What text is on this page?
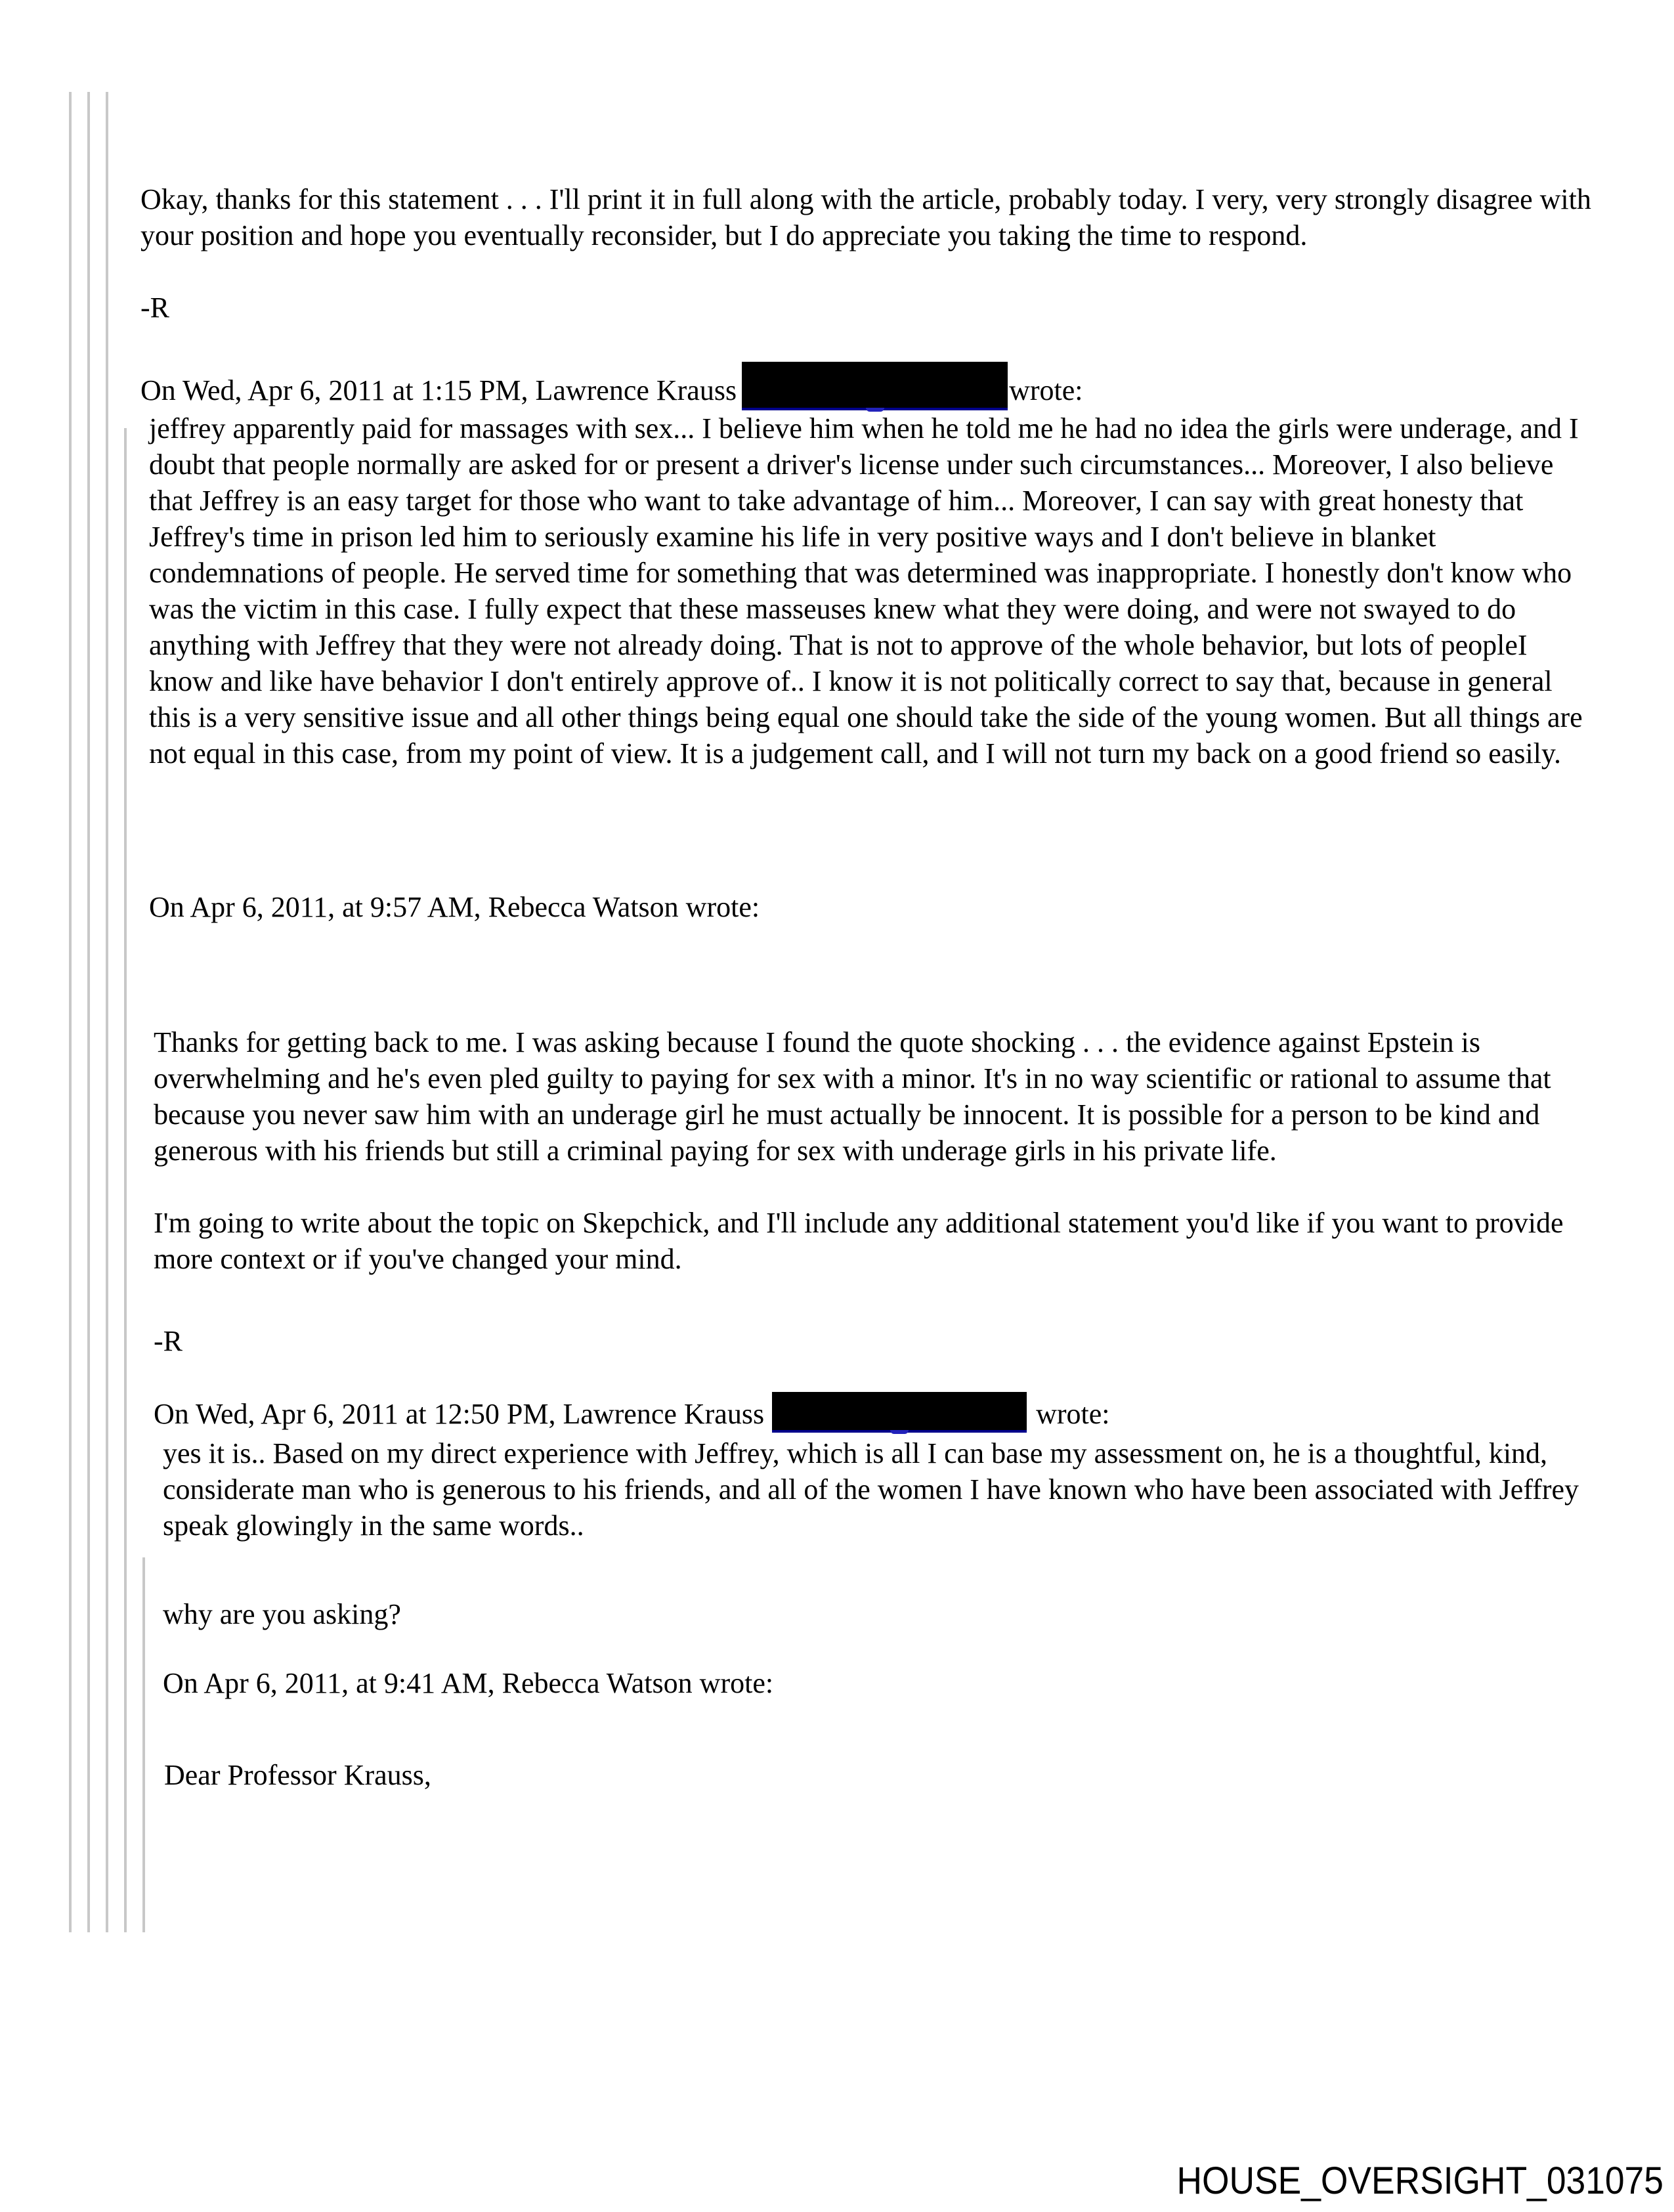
Okay, thanks for this statement . . . I'll print it in full along with the article, probably today. I very, very strongly disagree with your position and hope you eventually reconsider, but I do appreciate you taking the time to respond.
-R
On Wed, Apr 6, 2011 at 1:15 PM, Lawrence Krauss	wrote:
jeffrey apparently paid for massages with sex... I believe him when he told me he had no idea the girls were underage, and I doubt that people normally are asked for or present a driver's license under such circumstances... Moreover, I also believe that Jeffrey is an easy target for those who want to take advantage of him... Moreover, I can say with great honesty that Jeffrey's time in prison led him to seriously examine his life in very positive ways and I don't believe in blanket condemnations of people. He served time for something that was determined was inappropriate. I honestly don't know who was the victim in this case. I fully expect that these masseuses knew what they were doing, and were not swayed to do anything with Jeffrey that they were not already doing. That is not to approve of the whole behavior, but lots of peopleI know and like have behavior I don't entirely approve of.. I know it is not politically correct to say that, because in general this is a very sensitive issue and all other things being equal one should take the side of the young women. But all things are not equal in this case, from my point of view. It is a judgement call, and I will not turn my back on a good friend so easily.
On Apr 6, 2011, at 9:57 AM, Rebecca Watson wrote:
Thanks for getting back to me. I was asking because I found the quote shocking . . . the evidence against Epstein is overwhelming and he's even pled guilty to paying for sex with a minor. It's in no way scientific or rational to assume that because you never saw him with an underage girl he must actually be innocent. It is possible for a person to be kind and generous with his friends but still a criminal paying for sex with underage girls in his private life.
I'm going to write about the topic on Skepchick, and I'll include any additional statement you'd like if you want to provide more context or if you've changed your mind.
-R
On Wed, Apr 6, 2011 at 12:50 PM, Lawrence Krauss	wrote:
yes it is.. Based on my direct experience with Jeffrey, which is all I can base my assessment on, he is a thoughtful, kind, considerate man who is generous to his friends, and all of the women I have known who have been associated with Jeffrey speak glowingly in the same words..
why are you asking?
On Apr 6, 2011, at 9:41 AM, Rebecca Watson wrote:
Dear Professor Krauss,
HOUSE_OVERSIGHT_031075
